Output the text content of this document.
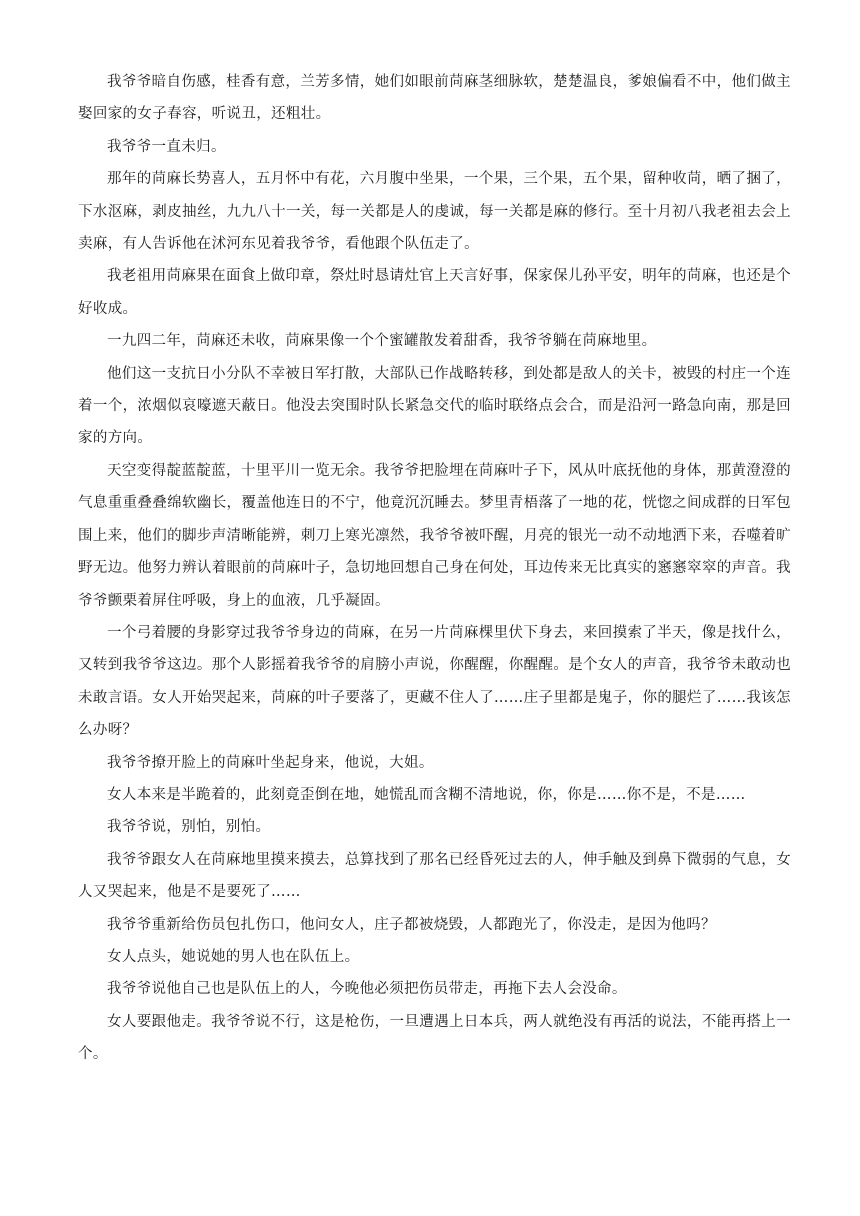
我爷爷暗自伤感，桂香有意，兰芳多情，她们如眼前苘麻茎细脉软，楚楚温良，爹娘偏看不中，他们做主娶回家的女子春容，听说丑，还粗壮。

我爷爷一直未归。

那年的苘麻长势喜人，五月怀中有花，六月腹中坐果，一个果，三个果，五个果，留种收苘，晒了捆了，下水沤麻，剥皮抽丝，九九八十一关，每一关都是人的虔诚，每一关都是麻的修行。至十月初八我老祖去会上卖麻，有人告诉他在沭河东见着我爷爷，看他跟个队伍走了。

我老祖用苘麻果在面食上做印章，祭灶时恳请灶官上天言好事，保家保儿孙平安，明年的苘麻，也还是个好收成。

一九四二年，苘麻还未收，苘麻果像一个个蜜罐散发着甜香，我爷爷躺在苘麻地里。

他们这一支抗日小分队不幸被日军打散，大部队已作战略转移，到处都是敌人的关卡，被毁的村庄一个连着一个，浓烟似哀嚎遮天蔽日。他没去突围时队长紧急交代的临时联络点会合，而是沿河一路急向南，那是回家的方向。

天空变得靛蓝靛蓝，十里平川一览无余。我爷爷把脸埋在苘麻叶子下，风从叶底抚他的身体，那黄澄澄的气息重重叠叠绵软幽长，覆盖他连日的不宁，他竟沉沉睡去。梦里青梧落了一地的花，恍惚之间成群的日军包围上来，他们的脚步声清晰能辨，刺刀上寒光凛然，我爷爷被吓醒，月亮的银光一动不动地洒下来，吞噬着旷野无边。他努力辨认着眼前的苘麻叶子，急切地回想自己身在何处，耳边传来无比真实的窸窸窣窣的声音。我爷爷颤栗着屏住呼吸，身上的血液，几乎凝固。

一个弓着腰的身影穿过我爷爷身边的苘麻，在另一片苘麻棵里伏下身去，来回摸索了半天，像是找什么，又转到我爷爷这边。那个人影摇着我爷爷的肩膀小声说，你醒醒，你醒醒。是个女人的声音，我爷爷未敢动也未敢言语。女人开始哭起来，苘麻的叶子要落了，更藏不住人了……庄子里都是鬼子，你的腿烂了……我该怎么办呀？

我爷爷撩开脸上的苘麻叶坐起身来，他说，大姐。

女人本来是半跪着的，此刻竟歪倒在地，她慌乱而含糊不清地说，你，你是……你不是，不是……

我爷爷说，别怕，别怕。

我爷爷跟女人在苘麻地里摸来摸去，总算找到了那名已经昏死过去的人，伸手触及到鼻下微弱的气息，女人又哭起来，他是不是要死了……

我爷爷重新给伤员包扎伤口，他问女人，庄子都被烧毁，人都跑光了，你没走，是因为他吗？

女人点头，她说她的男人也在队伍上。

我爷爷说他自己也是队伍上的人，今晚他必须把伤员带走，再拖下去人会没命。

女人要跟他走。我爷爷说不行，这是枪伤，一旦遭遇上日本兵，两人就绝没有再活的说法，不能再搭上一个。
